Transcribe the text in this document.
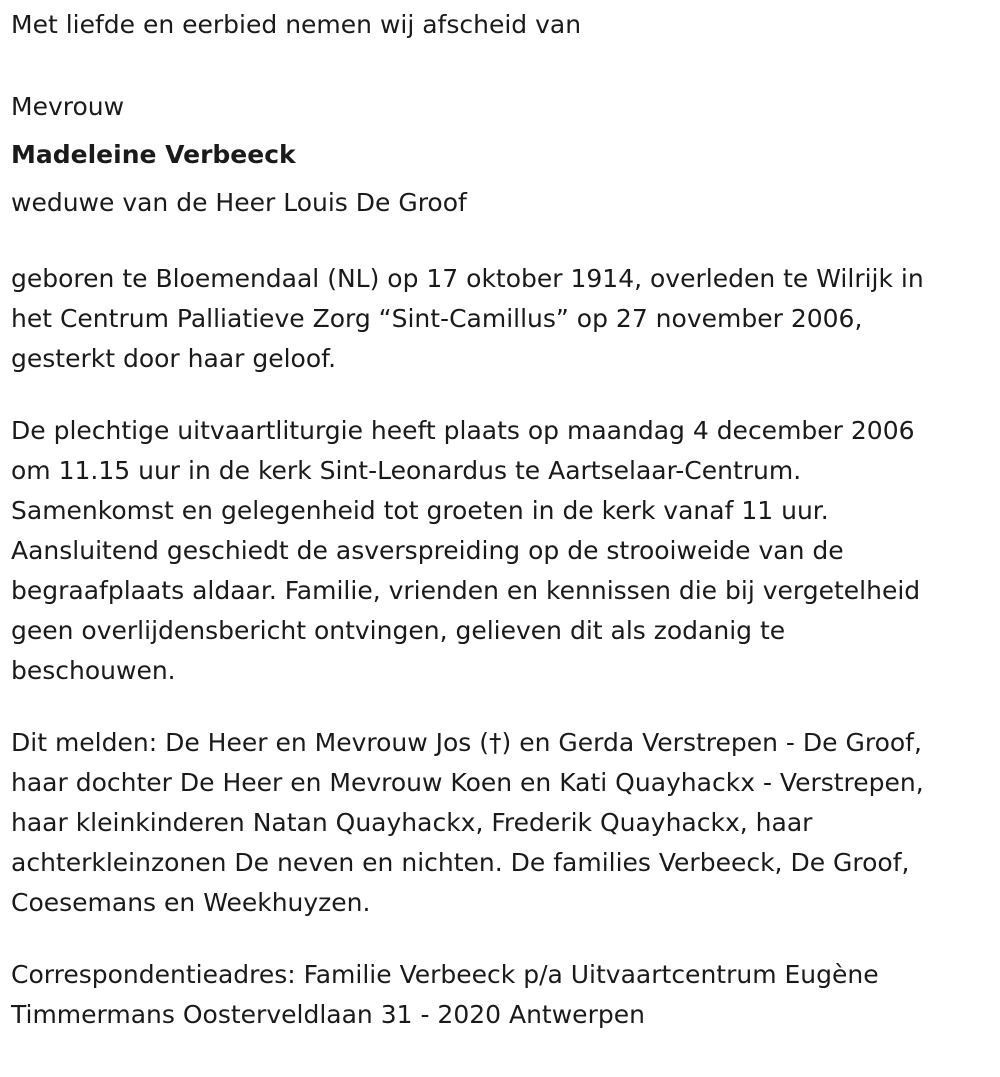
Met liefde en eerbied nemen wij afscheid van

Mevrouw

Madeleine Verbeeck

weduwe van de Heer Louis De Groof

geboren te Bloemendaal (NL) op 17 oktober 1914, overleden te Wilrijk in

het Centrum Palliatieve Zorg “Sint-Camillus” op 27 november 2006,

gesterkt door haar geloof.

De plechtige uitvaartliturgie heeft plaats op maandag 4 december 2006

om 11.15 uur in de kerk Sint-Leonardus te Aartselaar-Centrum.

Samenkomst en gelegenheid tot groeten in de kerk vanaf 11 uur.

Aansluitend geschiedt de asverspreiding op de strooiweide van de

begraafplaats aldaar. Familie, vrienden en kennissen die bij vergetelheid

geen overlijdensbericht ontvingen, gelieven dit als zodanig te

beschouwen.

Dit melden: De Heer en Mevrouw Jos (†) en Gerda Verstrepen - De Groof,

haar dochter De Heer en Mevrouw Koen en Kati Quayhackx - Verstrepen,

haar kleinkinderen Natan Quayhackx, Frederik Quayhackx, haar

achterkleinzonen De neven en nichten. De families Verbeeck, De Groof,

Coesemans en Weekhuyzen.

Correspondentieadres: Familie Verbeeck p/a Uitvaartcentrum Eugène

Timmermans Oosterveldlaan 31 - 2020 Antwerpen
